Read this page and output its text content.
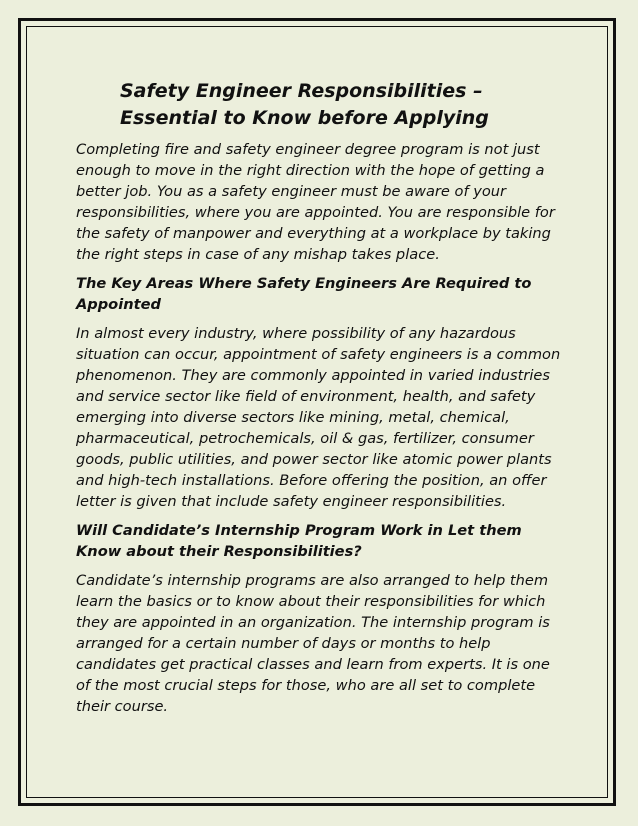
Safety Engineer Responsibilities – Essential to Know before Applying

Completing fire and safety engineer degree program is not just enough to move in the right direction with the hope of getting a better job. You as a safety engineer must be aware of your responsibilities, where you are appointed. You are responsible for the safety of manpower and everything at a workplace by taking the right steps in case of any mishap takes place.

The Key Areas Where Safety Engineers Are Required to Appointed

In almost every industry, where possibility of any hazardous situation can occur, appointment of safety engineers is a common phenomenon. They are commonly appointed in varied industries and service sector like field of environment, health, and safety emerging into diverse sectors like mining, metal, chemical, pharmaceutical, petrochemicals, oil & gas, fertilizer, consumer goods, public utilities, and power sector like atomic power plants and high-tech installations. Before offering the position, an offer letter is given that include safety engineer responsibilities.

Will Candidate’s Internship Program Work in Let them Know about their Responsibilities?

Candidate’s internship programs are also arranged to help them learn the basics or to know about their responsibilities for which they are appointed in an organization. The internship program is arranged for a certain number of days or months to help candidates get practical classes and learn from experts. It is one of the most crucial steps for those, who are all set to complete their course.
